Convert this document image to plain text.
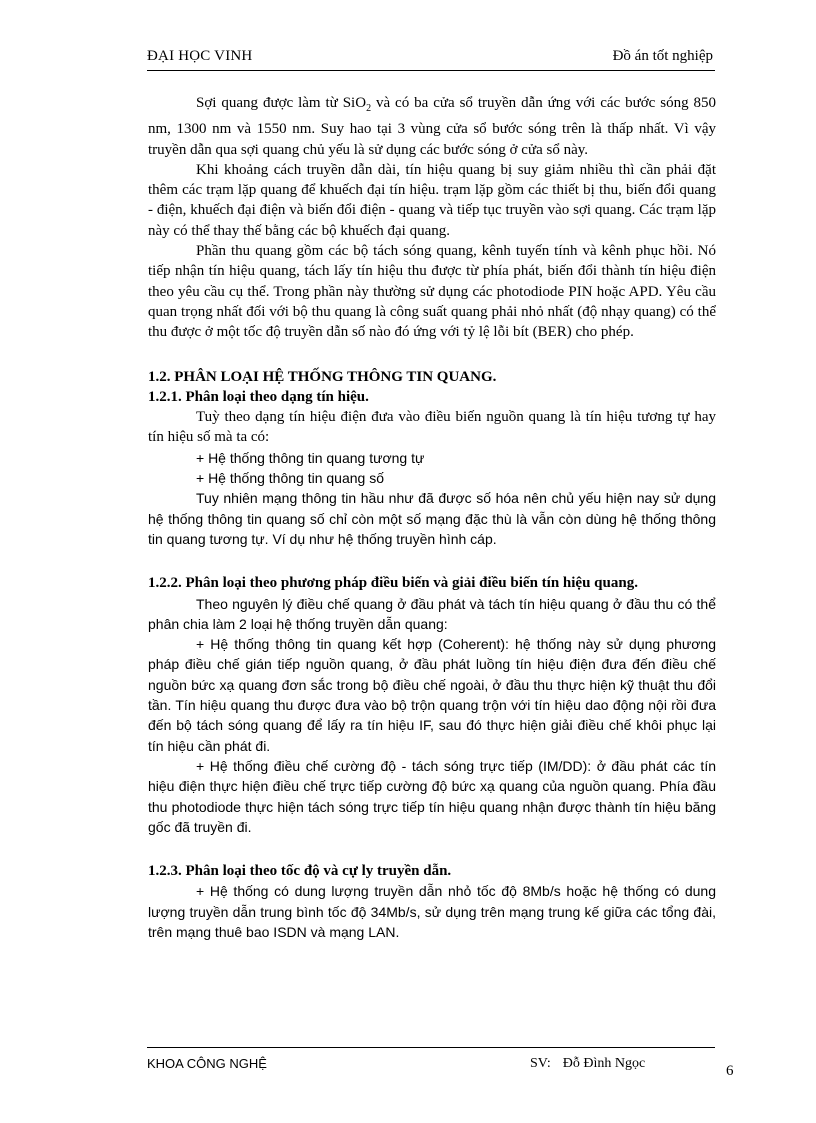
ĐẠI HỌC VINH	Đồ án tốt nghiệp

Sợi quang được làm từ SiO$_2$ và có ba cửa sổ truyền dẫn ứng với các bước sóng 850 nm, 1300 nm và 1550 nm. Suy hao tại 3 vùng cửa sổ bước sóng trên là thấp nhất. Vì vậy truyền dẫn qua sợi quang chủ yếu là sử dụng các bước sóng ở cửa sổ này.

Khi khoảng cách truyền dẫn dài, tín hiệu quang bị suy giảm nhiều thì cần phải đặt thêm các trạm lặp quang để khuếch đại tín hiệu. trạm lặp gồm các thiết bị thu, biến đổi quang - điện, khuếch đại điện và biến đổi điện - quang và tiếp tục truyền vào sợi quang. Các trạm lặp này có thể thay thế bằng các bộ khuếch đại quang.

Phần thu quang gồm các bộ tách sóng quang, kênh tuyến tính và kênh phục hồi. Nó tiếp nhận tín hiệu quang, tách lấy tín hiệu thu được từ phía phát, biến đổi thành tín hiệu điện theo yêu cầu cụ thể. Trong phần này thường sử dụng các photodiode PIN hoặc APD. Yêu cầu quan trọng nhất đối với bộ thu quang là công suất quang phải nhỏ nhất (độ nhạy quang) có thể thu được ở một tốc độ truyền dẫn số nào đó ứng với tỷ lệ lỗi bít (BER) cho phép.

1.2. PHÂN LOẠI HỆ THỐNG THÔNG TIN QUANG.

1.2.1. Phân loại theo dạng tín hiệu.

Tuỳ theo dạng tín hiệu điện đưa vào điều biến nguồn quang là tín hiệu tương tự hay tín hiệu số mà ta có:

+ Hệ thống thông tin quang tương tự

+ Hệ thống thông tin quang số

Tuy nhiên mạng thông tin hầu như đã được số hóa nên chủ yếu hiện nay sử dụng hệ thống thông tin quang số chỉ còn một số mạng đặc thù là vẫn còn dùng hệ thống thông tin quang tương tự. Ví dụ như hệ thống truyền hình cáp.

1.2.2. Phân loại theo phương pháp điều biến và giải điều biến tín hiệu quang.

Theo nguyên lý điều chế quang ở đầu phát và tách tín hiệu quang ở đầu thu có thể phân chia làm 2 loại hệ thống truyền dẫn quang:

+ Hệ thống thông tin quang kết hợp (Coherent): hệ thống này sử dụng phương pháp điều chế gián tiếp nguồn quang, ở đầu phát luồng tín hiệu điện đưa đến điều chế nguồn bức xạ quang đơn sắc trong bộ điều chế ngoài, ở đầu thu thực hiện kỹ thuật thu đổi tần. Tín hiệu quang thu được đưa vào bộ trộn quang trộn với tín hiệu dao động nội rồi đưa đến bộ tách sóng quang để lấy ra tín hiệu IF, sau đó thực hiện giải điều chế khôi phục lại tín hiệu cần phát đi.

+ Hệ thống điều chế cường độ - tách sóng trực tiếp (IM/DD): ở đầu phát các tín hiệu điện thực hiện điều chế trực tiếp cường độ bức xạ quang của nguồn quang. Phía đầu thu photodiode thực hiện tách sóng trực tiếp tín hiệu quang nhận được thành tín hiệu băng gốc đã truyền đi.

1.2.3. Phân loại theo tốc độ và cự ly truyền dẫn.

+ Hệ thống có dung lượng truyền dẫn nhỏ tốc độ 8Mb/s hoặc hệ thống có dung lượng truyền dẫn trung bình tốc độ 34Mb/s, sử dụng trên mạng trung kế giữa các tổng đài, trên mạng thuê bao ISDN và mạng LAN.

KHOA CÔNG NGHỆ	SV: Đỗ Đình Ngọc	6
